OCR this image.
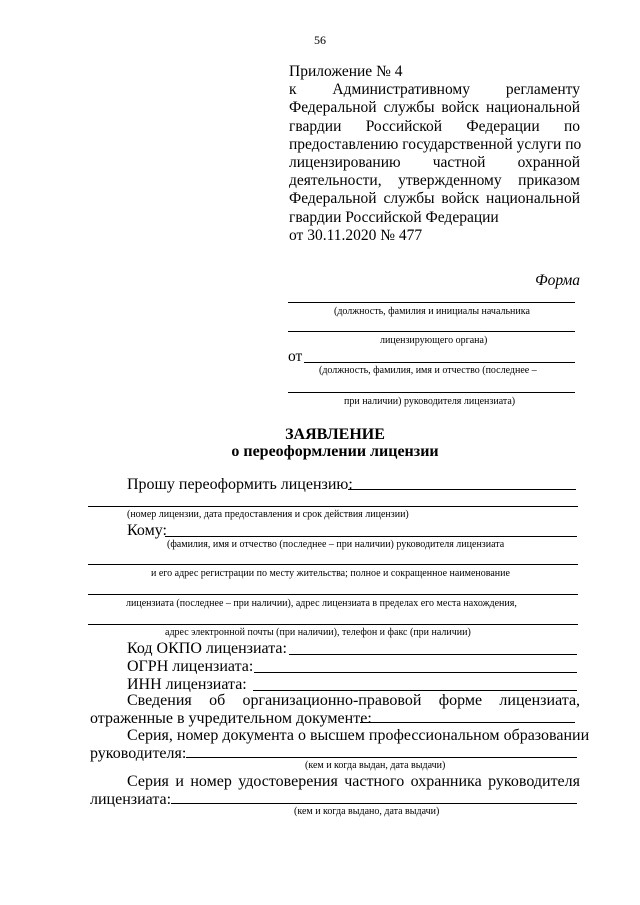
56
Приложение № 4
к Административному регламенту
Федеральной службы войск национальной
гвардии Российской Федерации по
предоставлению государственной услуги по
лицензированию частной охранной
деятельности, утвержденному приказом
Федеральной службы войск национальной
гвардии Российской Федерации
от 30.11.2020 № 477
Форма
(должность, фамилия и инициалы начальника
лицензирующего органа)
от
(должность, фамилия, имя и отчество (последнее –
при наличии) руководителя лицензиата)
ЗАЯВЛЕНИЕ
о переоформлении лицензии
Прошу переоформить лицензию:
(номер лицензии, дата предоставления и срок действия лицензии)
Кому:
(фамилия, имя и отчество (последнее – при наличии) руководителя лицензиата
и его адрес регистрации по месту жительства; полное и сокращенное наименование
лицензиата (последнее – при наличии), адрес лицензиата в пределах его места нахождения,
адрес электронной почты (при наличии), телефон и факс (при наличии)
Код ОКПО лицензиата:
ОГРН лицензиата:
ИНН лицензиата:
Сведения об организационно-правовой форме лицензиата,
отраженные в учредительном документе:
Серия, номер документа о высшем профессиональном образовании
руководителя:
(кем и когда выдан, дата выдачи)
Серия и номер удостоверения частного охранника руководителя
лицензиата:
(кем и когда выдано, дата выдачи)
